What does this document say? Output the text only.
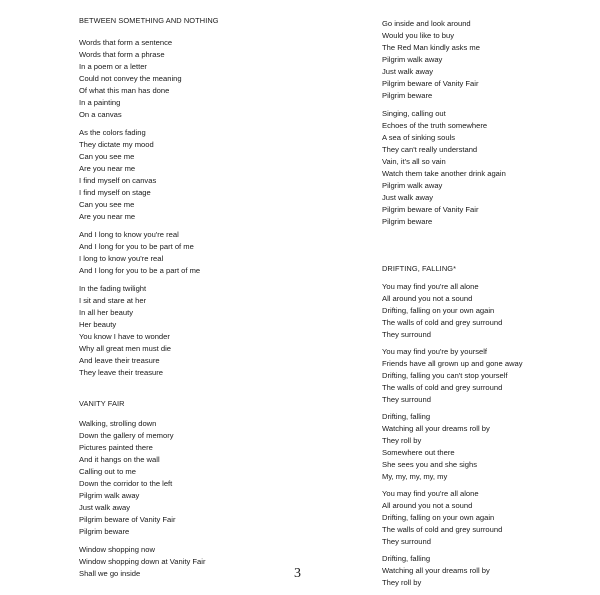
BETWEEN SOMETHING AND NOTHING
Words that form a sentence
Words that form a phrase
In a poem or a letter
Could not convey the meaning
Of what this man has done
In a painting
On a canvas
As the colors fading
They dictate my mood
Can you see me
Are you near me
I find myself on canvas
I find myself on stage
Can you see me
Are you near me
And I long to know you're real
And I long for you to be part of me
I long to know you're real
And I long for you to be a part of me
In the fading twilight
I sit and stare at her
In all her beauty
Her beauty
You know I have to wonder
Why all great men must die
And leave their treasure
They leave their treasure
VANITY FAIR
Walking, strolling down
Down the gallery of memory
Pictures painted there
And it hangs on the wall
Calling out to me
Down the corridor to the left
Pilgrim walk away
Just walk away
Pilgrim beware of Vanity Fair
Pilgrim beware
Window shopping now
Window shopping down at Vanity Fair
Shall we go inside
Go inside and look around
Would you like to buy
The Red Man kindly asks me
Pilgrim walk away
Just walk away
Pilgrim beware of Vanity Fair
Pilgrim beware
Singing, calling out
Echoes of the truth somewhere
A sea of sinking souls
They can't really understand
Vain, it's all so vain
Watch them take another drink again
Pilgrim walk away
Just walk away
Pilgrim beware of Vanity Fair
Pilgrim beware
DRIFTING, FALLING*
You may find you're all alone
All around you not a sound
Drifting, falling on your own again
The walls of cold and grey surround
They surround
You may find you're by yourself
Friends have all grown up and gone away
Drifting, falling you can't stop yourself
The walls of cold and grey surround
They surround
Drifting, falling
Watching all your dreams roll by
They roll by
Somewhere out there
She sees you and she sighs
My, my, my, my, my
You may find you're all alone
All around you not a sound
Drifting, falling on your own again
The walls of cold and grey surround
They surround
Drifting, falling
Watching all your dreams roll by
They roll by
3
